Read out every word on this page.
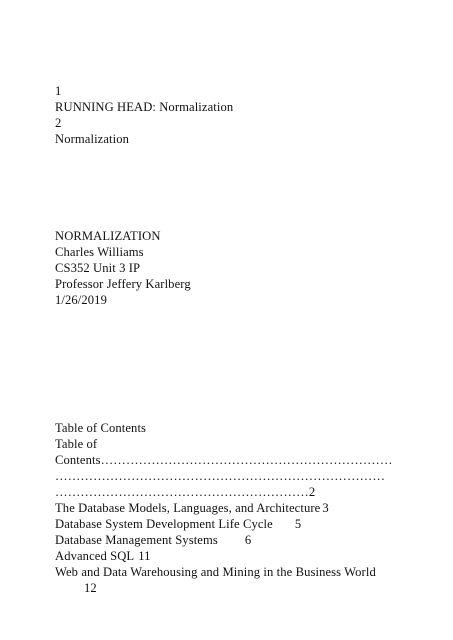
1
RUNNING HEAD: Normalization
2
Normalization
NORMALIZATION
Charles Williams
CS352 Unit 3 IP
Professor Jeffery Karlberg
1/26/2019
Table of Contents
Table of
Contents……………………………………………………………
……………………………………………………………………
……………………………………………………2
The Database Models, Languages, and Architecture 3
Database System Development Life Cycle 5
Database Management Systems 6
Advanced SQL 11
Web and Data Warehousing and Mining in the Business World
12
